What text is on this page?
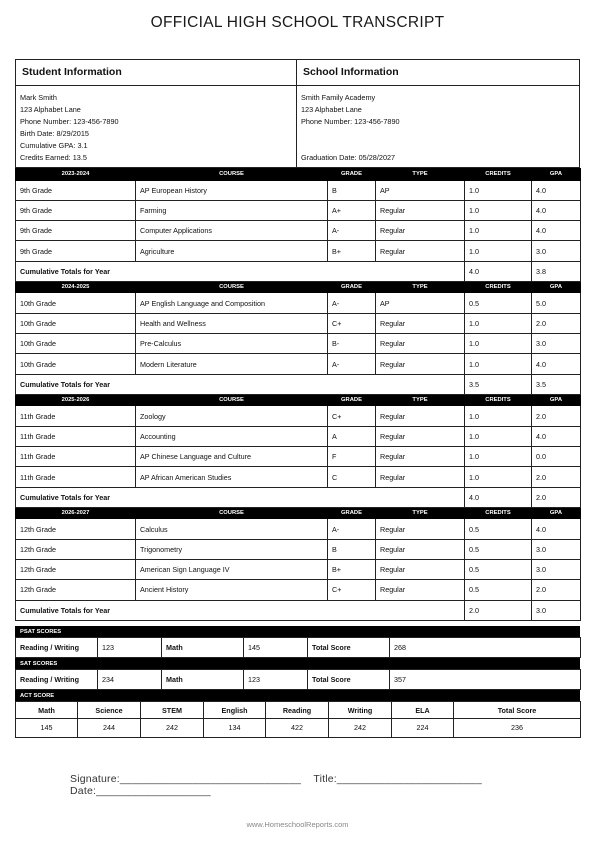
OFFICIAL HIGH SCHOOL TRANSCRIPT
Student Information
Mark Smith
123 Alphabet Lane
Phone Number: 123-456-7890
Birth Date: 8/29/2015
Cumulative GPA: 3.1
Credits Earned: 13.5
School Information
Smith Family Academy
123 Alphabet Lane
Phone Number: 123-456-7890
Graduation Date: 05/28/2027
2023-2024	COURSE	GRADE	TYPE	CREDITS	GPA
9th Grade	AP European History	B	AP	1.0	4.0
9th Grade	Farming	A+	Regular	1.0	4.0
9th Grade	Computer Applications	A-	Regular	1.0	4.0
9th Grade	Agriculture	B+	Regular	1.0	3.0
Cumulative Totals for Year				4.0	3.8
2024-2025	COURSE	GRADE	TYPE	CREDITS	GPA
10th Grade	AP English Language and Composition	A-	AP	0.5	5.0
10th Grade	Health and Wellness	C+	Regular	1.0	2.0
10th Grade	Pre-Calculus	B-	Regular	1.0	3.0
10th Grade	Modern Literature	A-	Regular	1.0	4.0
Cumulative Totals for Year				3.5	3.5
2025-2026	COURSE	GRADE	TYPE	CREDITS	GPA
11th Grade	Zoology	C+	Regular	1.0	2.0
11th Grade	Accounting	A	Regular	1.0	4.0
11th Grade	AP Chinese Language and Culture	F	Regular	1.0	0.0
11th Grade	AP African American Studies	C	Regular	1.0	2.0
Cumulative Totals for Year				4.0	2.0
2026-2027	COURSE	GRADE	TYPE	CREDITS	GPA
12th Grade	Calculus	A-	Regular	0.5	4.0
12th Grade	Trigonometry	B	Regular	0.5	3.0
12th Grade	American Sign Language IV	B+	Regular	0.5	3.0
12th Grade	Ancient History	C+	Regular	0.5	2.0
Cumulative Totals for Year				2.0	3.0
PSAT SCORES
Reading / Writing	123	Math	145	Total Score	268
SAT SCORES
Reading / Writing	234	Math	123	Total Score	357
ACT SCORE
Math	Science	STEM	English	Reading	Writing	ELA	Total Score
145	244	242	134	422	242	224	236
Signature:______________________________ Title:________________________    Date:___________________
www.HomeschoolReports.com
